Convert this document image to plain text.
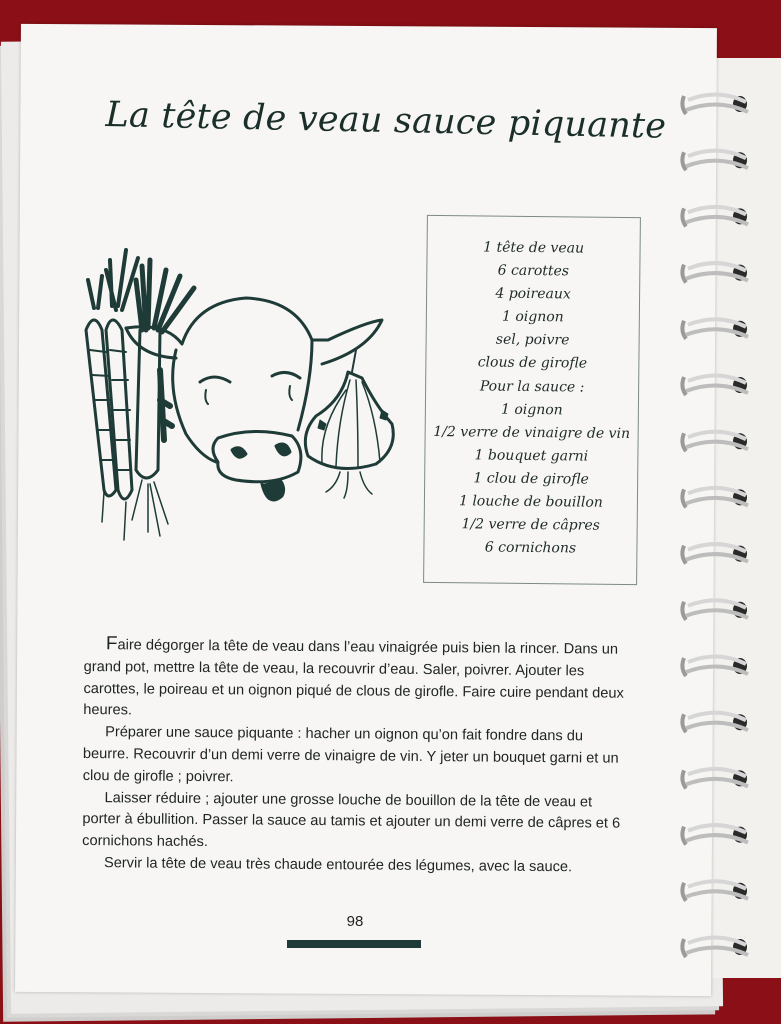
La tête de veau sauce piquante
1 tête de veau
6 carottes
4 poireaux
1 oignon
sel, poivre
clous de girofle
Pour la sauce :
1 oignon
1/2 verre de vinaigre de vin
1 bouquet garni
1 clou de girofle
1 louche de bouillon
1/2 verre de câpres
6 cornichons

Faire dégorger la tête de veau dans l’eau vinaigrée puis bien la rincer. Dans un grand pot, mettre la tête de veau, la recouvrir d’eau. Saler, poivrer. Ajouter les carottes, le poireau et un oignon piqué de clous de girofle. Faire cuire pendant deux heures.

Préparer une sauce piquante : hacher un oignon qu’on fait fondre dans du beurre. Recouvrir d’un demi verre de vinaigre de vin. Y jeter un bouquet garni et un clou de girofle ; poivrer.

Laisser réduire ; ajouter une grosse louche de bouillon de la tête de veau et porter à ébullition. Passer la sauce au tamis et ajouter un demi verre de câpres et 6 cornichons hachés.

Servir la tête de veau très chaude entourée des légumes, avec la sauce.

98
